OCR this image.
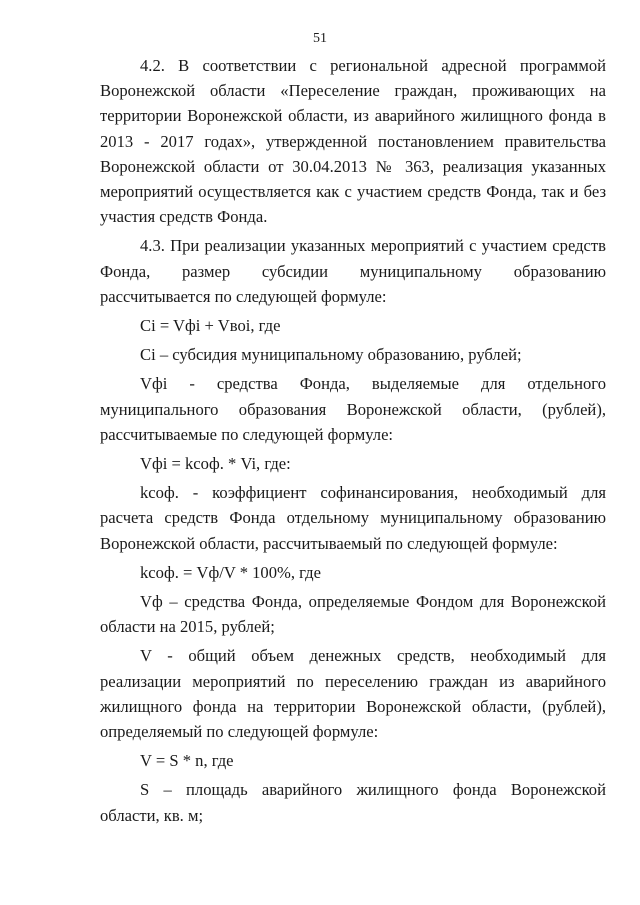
51

4.2. В соответствии с региональной адресной программой Воронежской области «Переселение граждан, проживающих на территории Воронежской области, из аварийного жилищного фонда в 2013 - 2017 годах», утвержденной постановлением правительства Воронежской области от 30.04.2013 № 363, реализация указанных мероприятий осуществляется как с участием средств Фонда, так и без участия средств Фонда.

4.3. При реализации указанных мероприятий с участием средств Фонда, размер субсидии муниципальному образованию рассчитывается по следующей формуле:

Ci = Vфi + Vвоi, где

Ci – субсидия муниципальному образованию, рублей;

Vфi - средства Фонда, выделяемые для отдельного муниципального образования Воронежской области, (рублей), рассчитываемые по следующей формуле:

Vфi = kсоф. * Vi, где:

kсоф. - коэффициент софинансирования, необходимый для расчета средств Фонда отдельному муниципальному образованию Воронежской области, рассчитываемый по следующей формуле:

kсоф. = Vф/V * 100%, где

Vф – средства Фонда, определяемые Фондом для Воронежской области на 2015, рублей;

V - общий объем денежных средств, необходимый для реализации мероприятий по переселению граждан из аварийного жилищного фонда на территории Воронежской области, (рублей), определяемый по следующей формуле:

V = S * n, где

S – площадь аварийного жилищного фонда Воронежской области, кв. м;
